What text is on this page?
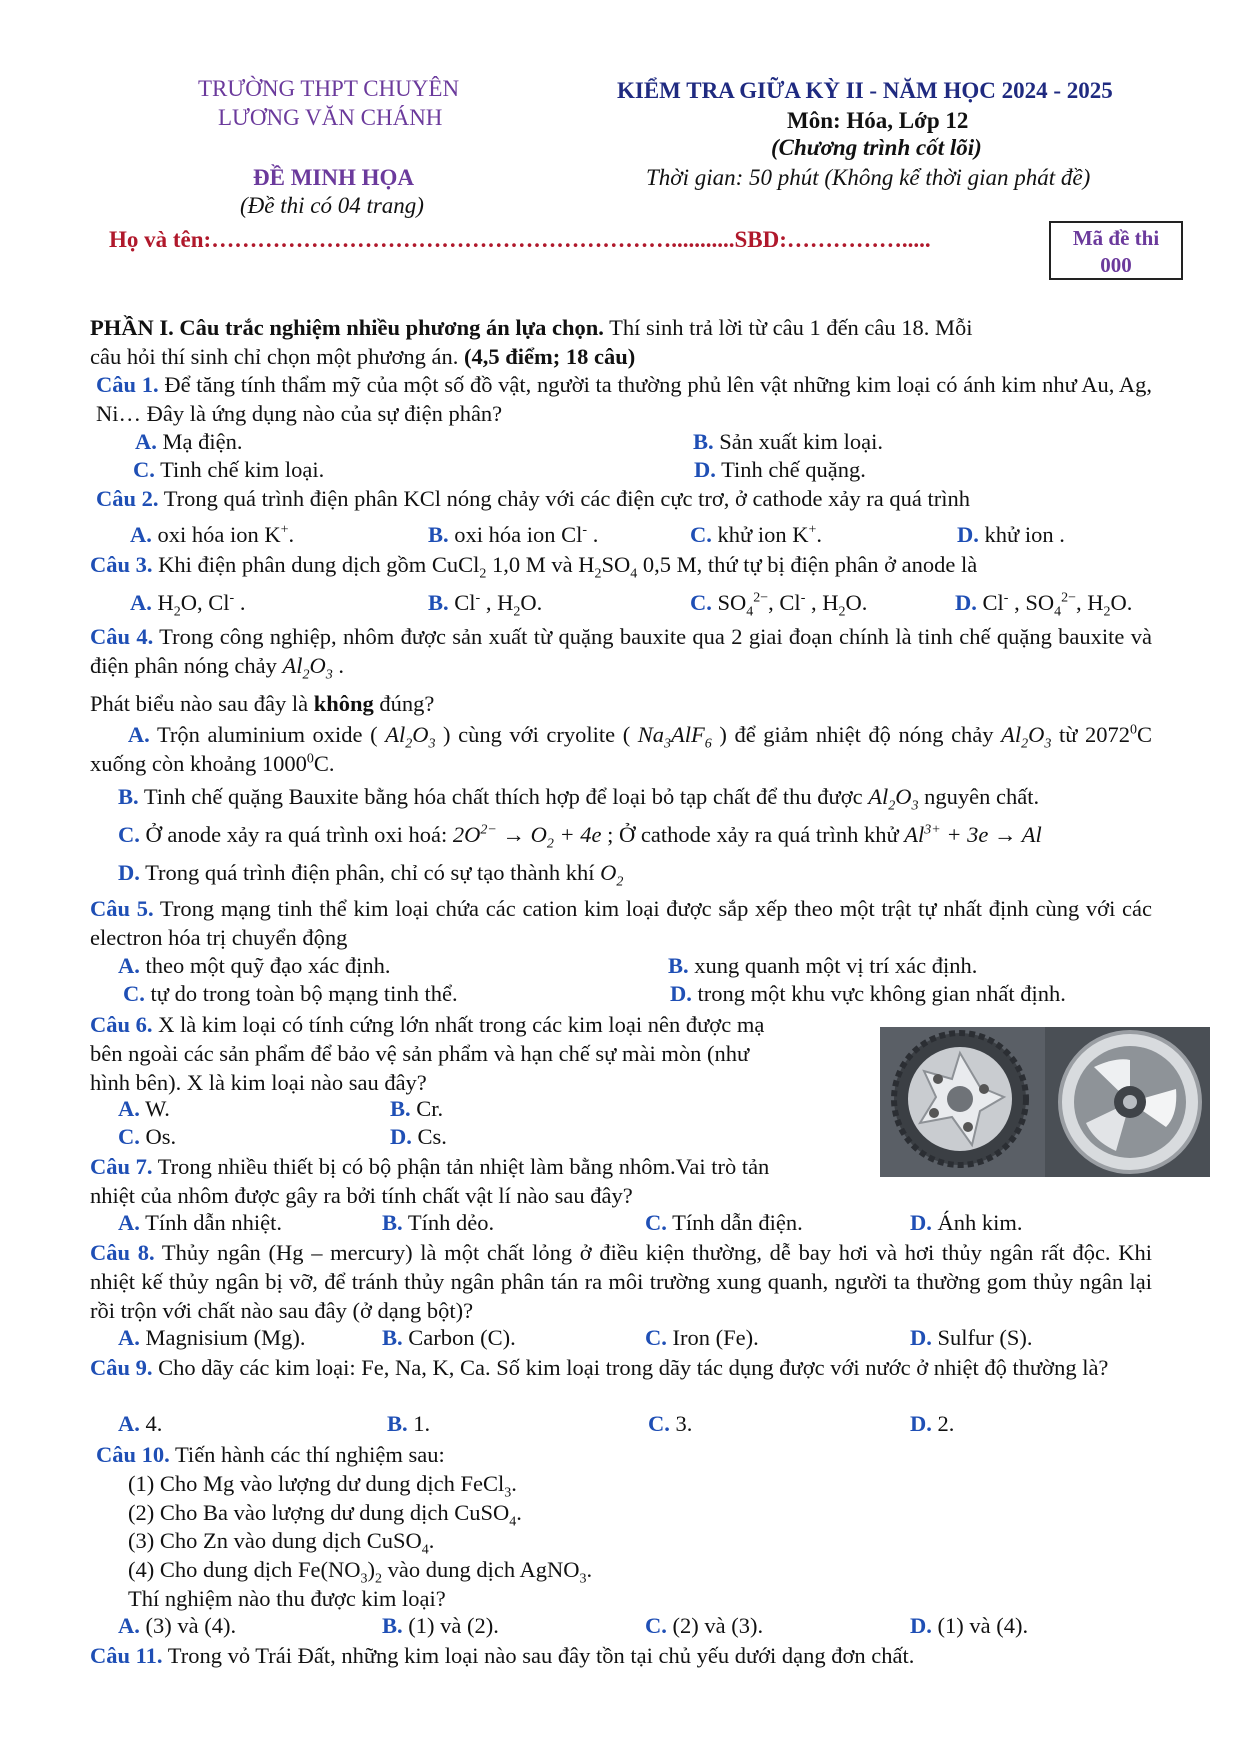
TRƯỜNG THPT CHUYÊN
LƯƠNG VĂN CHÁNH
ĐỀ MINH HỌA
(Đề thi có 04 trang)
KIỂM TRA GIỮA KỲ II - NĂM HỌC 2024 - 2025
Môn: Hóa, Lớp 12
(Chương trình cốt lõi)
Thời gian: 50 phút (Không kể thời gian phát đề)
Họ và tên:……………………………………………………...........SBD:…………….....	Mã đề thi
000
PHẦN I. Câu trắc nghiệm nhiều phương án lựa chọn. Thí sinh trả lời từ câu 1 đến câu 18. Mỗi
câu hỏi thí sinh chỉ chọn một phương án. (4,5 điểm; 18 câu)
Câu 1. Để tăng tính thẩm mỹ của một số đồ vật, người ta thường phủ lên vật những kim loại có ánh kim như Au, Ag, Ni… Đây là ứng dụng nào của sự điện phân?
A. Mạ điện.	B. Sản xuất kim loại.
C. Tinh chế kim loại.	D. Tinh chế quặng.
Câu 2. Trong quá trình điện phân KCl nóng chảy với các điện cực trơ, ở cathode xảy ra quá trình
A. oxi hóa ion K+.	B. oxi hóa ion Cl- .	C. khử ion K+.	D. khử ion .
Câu 3. Khi điện phân dung dịch gồm CuCl$_2$ 1,0 M và $H_2SO_4$ 0,5 M, thứ tự bị điện phân ở anode là
A. $H_2O$, Cl- .	B. Cl- , $H_2O$.	C. $SO_4^{2-}$, Cl- , $H_2O$.	D. Cl- , $SO_4^{2-}$, $H_2O$.
Câu 4. Trong công nghiệp, nhôm được sản xuất từ quặng bauxite qua 2 giai đoạn chính là tinh chế quặng bauxite và điện phân nóng chảy $Al_2O_3$ .
Phát biểu nào sau đây là không đúng?
A. Trộn aluminium oxide ( $Al_2O_3$ ) cùng với cryolite ( $Na_3AlF_6$ ) để giảm nhiệt độ nóng chảy $Al_2O_3$ từ 2072$^0$C xuống còn khoảng 1000$^0$C.
B. Tinh chế quặng Bauxite bằng hóa chất thích hợp để loại bỏ tạp chất để thu được $Al_2O_3$ nguyên chất.
C. Ở anode xảy ra quá trình oxi hoá: $2O^{2-} \to O_2 + 4e$ ; Ở cathode xảy ra quá trình khử $Al^{3+} + 3e \to Al$
D. Trong quá trình điện phân, chỉ có sự tạo thành khí $O_2$
Câu 5. Trong mạng tinh thể kim loại chứa các cation kim loại được sắp xếp theo một trật tự nhất định cùng với các electron hóa trị chuyển động
A. theo một quỹ đạo xác định.	B. xung quanh một vị trí xác định.
C. tự do trong toàn bộ mạng tinh thể.	D. trong một khu vực không gian nhất định.
Câu 6. X là kim loại có tính cứng lớn nhất trong các kim loại nên được mạ
bên ngoài các sản phẩm để bảo vệ sản phẩm và hạn chế sự mài mòn (như
hình bên). X là kim loại nào sau đây?
A. W.	B. Cr.
C. Os.	D. Cs.
Câu 7. Trong nhiều thiết bị có bộ phận tản nhiệt làm bằng nhôm.Vai trò tản
nhiệt của nhôm được gây ra bởi tính chất vật lí nào sau đây?
A. Tính dẫn nhiệt.	B. Tính dẻo.	C. Tính dẫn điện.	D. Ánh kim.
Câu 8. Thủy ngân (Hg – mercury) là một chất lỏng ở điều kiện thường, dễ bay hơi và hơi thủy ngân rất độc. Khi nhiệt kế thủy ngân bị vỡ, để tránh thủy ngân phân tán ra môi trường xung quanh, người ta thường gom thủy ngân lại rồi trộn với chất nào sau đây (ở dạng bột)?
A. Magnisium (Mg).	B. Carbon (C).	C. Iron (Fe).	D. Sulfur (S).
Câu 9. Cho dãy các kim loại: Fe, Na, K, Ca. Số kim loại trong dãy tác dụng được với nước ở nhiệt độ thường là?
A. 4.	B. 1.	C. 3.	D. 2.
Câu 10. Tiến hành các thí nghiệm sau:
(1) Cho Mg vào lượng dư dung dịch FeCl$_3$.
(2) Cho Ba vào lượng dư dung dịch CuSO$_4$.
(3) Cho Zn vào dung dịch CuSO$_4$.
(4) Cho dung dịch $Fe(NO_3)_2$ vào dung dịch AgNO$_3$.
Thí nghiệm nào thu được kim loại?
A. (3) và (4).	B. (1) và (2).	C. (2) và (3).	D. (1) và (4).
Câu 11. Trong vỏ Trái Đất, những kim loại nào sau đây tồn tại chủ yếu dưới dạng đơn chất.
